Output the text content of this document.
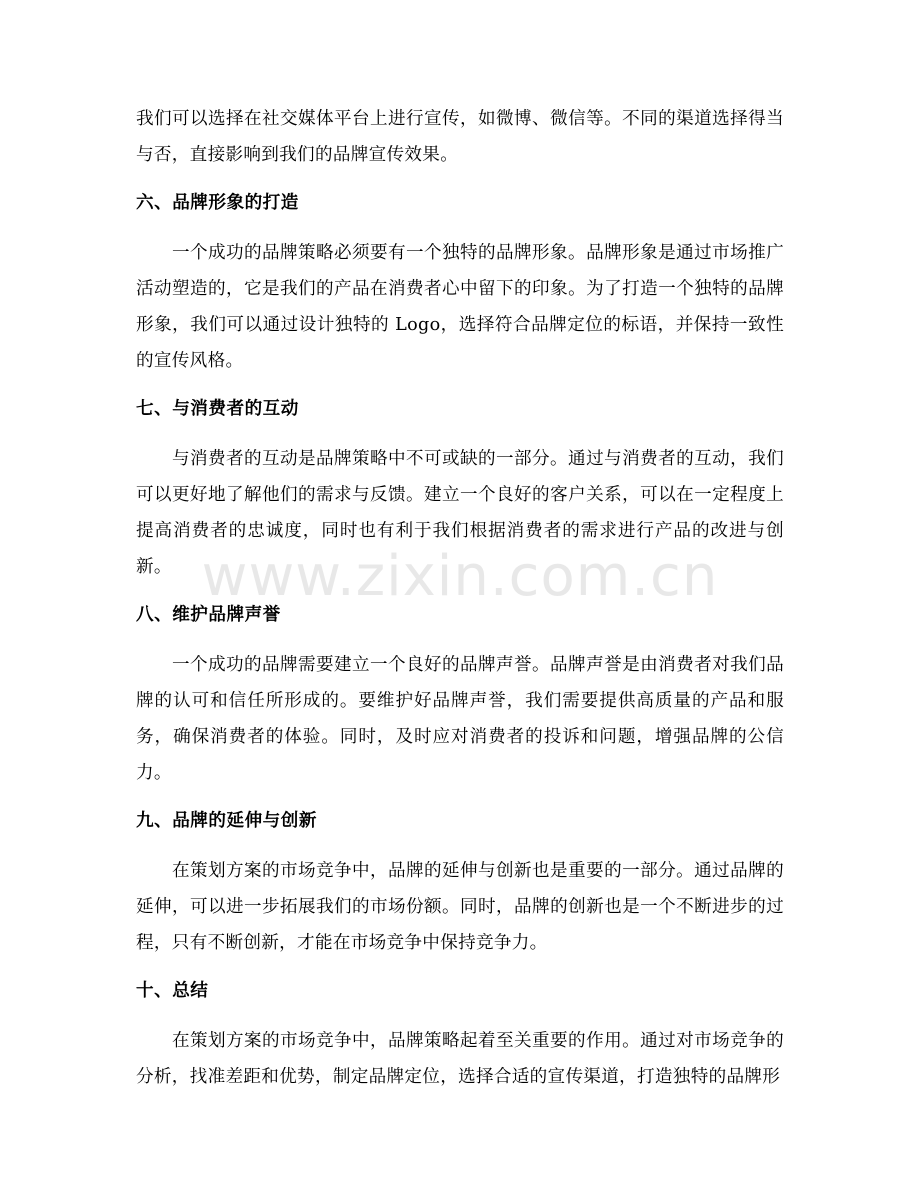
我们可以选择在社交媒体平台上进行宣传，如微博、微信等。不同的渠道选择得当与否，直接影响到我们的品牌宣传效果。

六、品牌形象的打造

一个成功的品牌策略必须要有一个独特的品牌形象。品牌形象是通过市场推广活动塑造的，它是我们的产品在消费者心中留下的印象。为了打造一个独特的品牌形象，我们可以通过设计独特的 Logo，选择符合品牌定位的标语，并保持一致性的宣传风格。

七、与消费者的互动

与消费者的互动是品牌策略中不可或缺的一部分。通过与消费者的互动，我们可以更好地了解他们的需求与反馈。建立一个良好的客户关系，可以在一定程度上提高消费者的忠诚度，同时也有利于我们根据消费者的需求进行产品的改进与创新。

八、维护品牌声誉

一个成功的品牌需要建立一个良好的品牌声誉。品牌声誉是由消费者对我们品牌的认可和信任所形成的。要维护好品牌声誉，我们需要提供高质量的产品和服务，确保消费者的体验。同时，及时应对消费者的投诉和问题，增强品牌的公信力。

九、品牌的延伸与创新

在策划方案的市场竞争中，品牌的延伸与创新也是重要的一部分。通过品牌的延伸，可以进一步拓展我们的市场份额。同时，品牌的创新也是一个不断进步的过程，只有不断创新，才能在市场竞争中保持竞争力。

十、总结

在策划方案的市场竞争中，品牌策略起着至关重要的作用。通过对市场竞争的分析，找准差距和优势，制定品牌定位，选择合适的宣传渠道，打造独特的品牌形

www.zixin.com.cn
